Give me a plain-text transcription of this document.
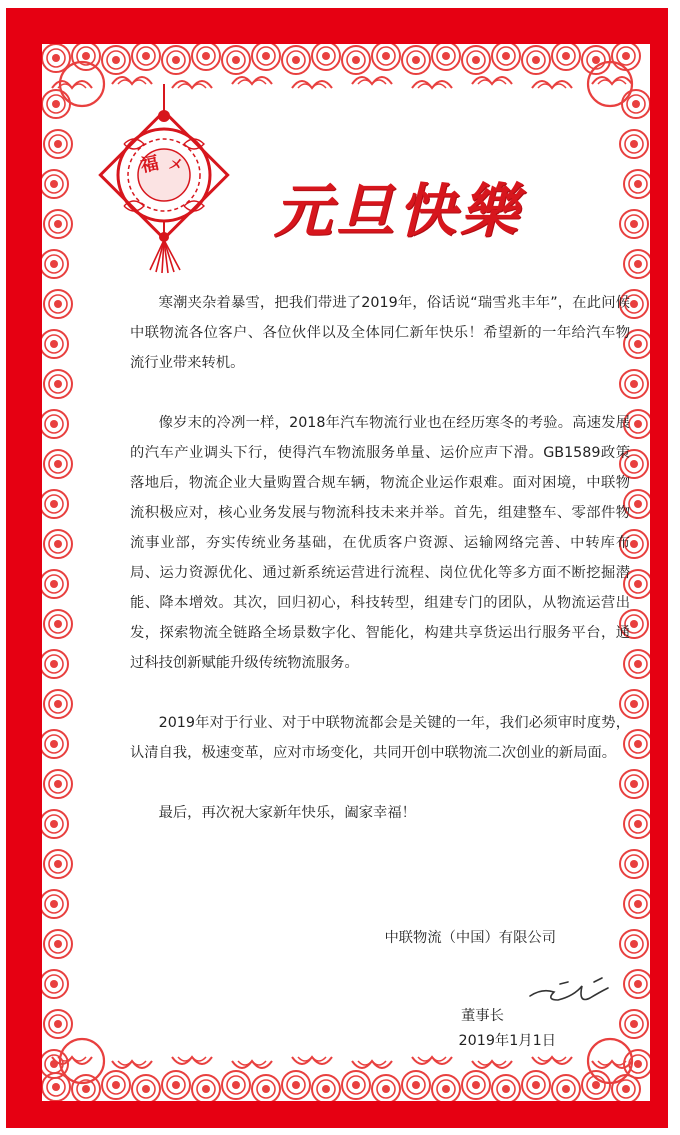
福 㐅
元旦快樂

寒潮夹杂着暴雪，把我们带进了2019年，俗话说“瑞雪兆丰年”，在此问候中联物流各位客户、各位伙伴以及全体同仁新年快乐！希望新的一年给汽车物流行业带来转机。

像岁末的冷冽一样，2018年汽车物流行业也在经历寒冬的考验。高速发展的汽车产业调头下行，使得汽车物流服务单量、运价应声下滑。GB1589政策落地后，物流企业大量购置合规车辆，物流企业运作艰难。面对困境，中联物流积极应对，核心业务发展与物流科技未来并举。首先，组建整车、零部件物流事业部，夯实传统业务基础，在优质客户资源、运输网络完善、中转库布局、运力资源优化、通过新系统运营进行流程、岗位优化等多方面不断挖掘潜能、降本增效。其次，回归初心，科技转型，组建专门的团队，从物流运营出发，探索物流全链路全场景数字化、智能化，构建共享货运出行服务平台，通过科技创新赋能升级传统物流服务。

2019年对于行业、对于中联物流都会是关键的一年，我们必须审时度势，认清自我，极速变革，应对市场变化，共同开创中联物流二次创业的新局面。

最后，再次祝大家新年快乐，阖家幸福！

中联物流（中国）有限公司
董事长
2019年1月1日
